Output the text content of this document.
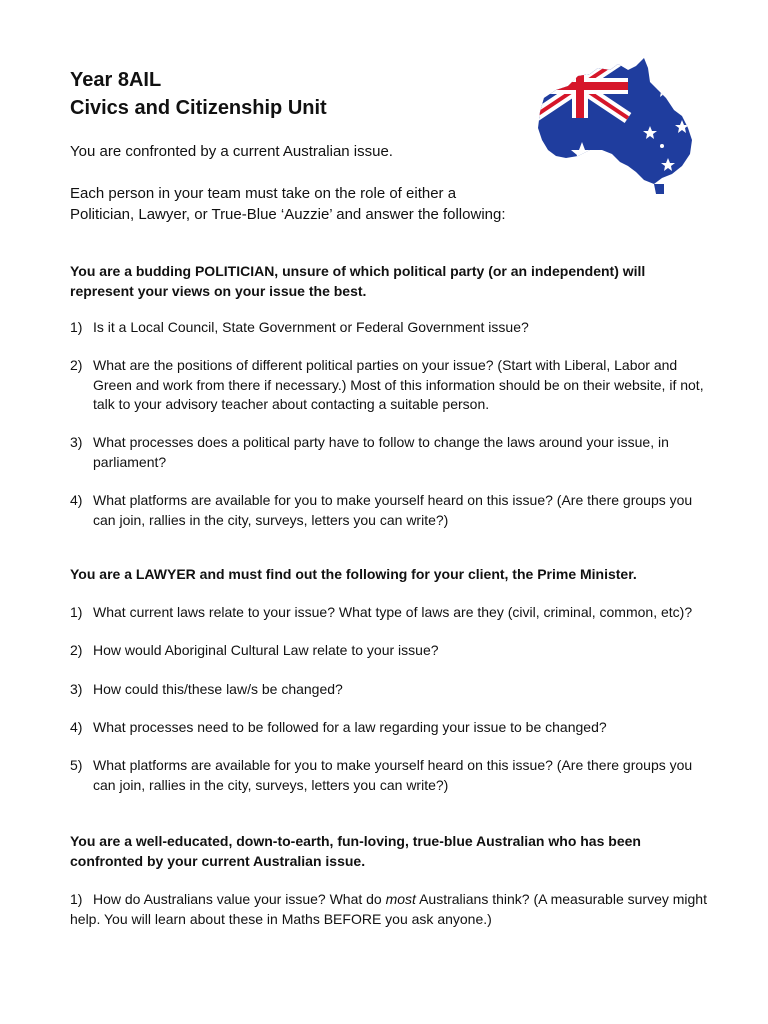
Year 8AIL
Civics and Citizenship Unit
You are confronted by a current Australian issue.
Each person in your team must take on the role of either a
Politician, Lawyer, or True-Blue ‘Auzzie’ and answer the following:
You are a budding POLITICIAN, unsure of which political party (or an independent) will represent your views on your issue the best.
1) Is it a Local Council, State Government or Federal Government issue?
2) What are the positions of different political parties on your issue? (Start with Liberal, Labor and Green and work from there if necessary.) Most of this information should be on their website, if not, talk to your advisory teacher about contacting a suitable person.
3) What processes does a political party have to follow to change the laws around your issue, in parliament?
4) What platforms are available for you to make yourself heard on this issue? (Are there groups you can join, rallies in the city, surveys, letters you can write?)
You are a LAWYER and must find out the following for your client, the Prime Minister.
1) What current laws relate to your issue? What type of laws are they (civil, criminal, common, etc)?
2) How would Aboriginal Cultural Law relate to your issue?
3) How could this/these law/s be changed?
4) What processes need to be followed for a law regarding your issue to be changed?
5) What platforms are available for you to make yourself heard on this issue? (Are there groups you can join, rallies in the city, surveys, letters you can write?)
You are a well-educated, down-to-earth, fun-loving, true-blue Australian who has been confronted by your current Australian issue.
1) How do Australians value your issue? What do most Australians think? (A measurable survey might help. You will learn about these in Maths BEFORE you ask anyone.)
